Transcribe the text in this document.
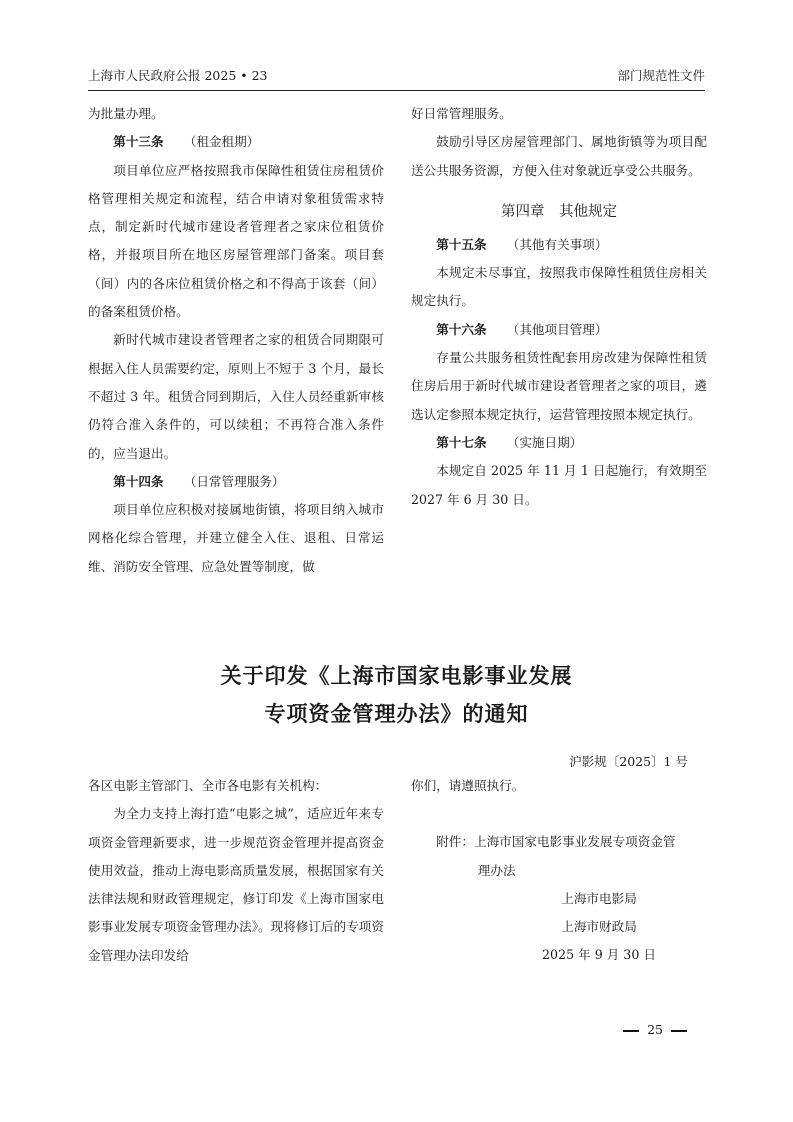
上海市人民政府公报 2025 • 23	部门规范性文件

为批量办理。

第十三条 （租金租期）

项目单位应严格按照我市保障性租赁住房租赁价格管理相关规定和流程，结合申请对象租赁需求特点，制定新时代城市建设者管理者之家床位租赁价格，并报项目所在地区房屋管理部门备案。项目套（间）内的各床位租赁价格之和不得高于该套（间）的备案租赁价格。

新时代城市建设者管理者之家的租赁合同期限可根据入住人员需要约定，原则上不短于 3 个月，最长不超过 3 年。租赁合同到期后，入住人员经重新审核仍符合准入条件的，可以续租；不再符合准入条件的，应当退出。

第十四条 （日常管理服务）

项目单位应积极对接属地街镇，将项目纳入城市网格化综合管理，并建立健全入住、退租、日常运维、消防安全管理、应急处置等制度，做

好日常管理服务。

鼓励引导区房屋管理部门、属地街镇等为项目配送公共服务资源，方便入住对象就近享受公共服务。

第四章　其他规定

第十五条 （其他有关事项）

本规定未尽事宜，按照我市保障性租赁住房相关规定执行。

第十六条 （其他项目管理）

存量公共服务租赁性配套用房改建为保障性租赁住房后用于新时代城市建设者管理者之家的项目，遴选认定参照本规定执行，运营管理按照本规定执行。

第十七条 （实施日期）

本规定自 2025 年 11 月 1 日起施行，有效期至 2027 年 6 月 30 日。

关于印发《上海市国家电影事业发展
专项资金管理办法》的通知
沪影规〔2025〕1 号

各区电影主管部门、全市各电影有关机构：

为全力支持上海打造“电影之城”，适应近年来专项资金管理新要求，进一步规范资金管理并提高资金使用效益，推动上海电影高质量发展，根据国家有关法律法规和财政管理规定，修订印发《上海市国家电影事业发展专项资金管理办法》。现将修订后的专项资金管理办法印发给

你们，请遵照执行。

附件：上海市国家电影事业发展专项资金管

理办法

上海市电影局

上海市财政局

2025 年 9 月 30 日

25
